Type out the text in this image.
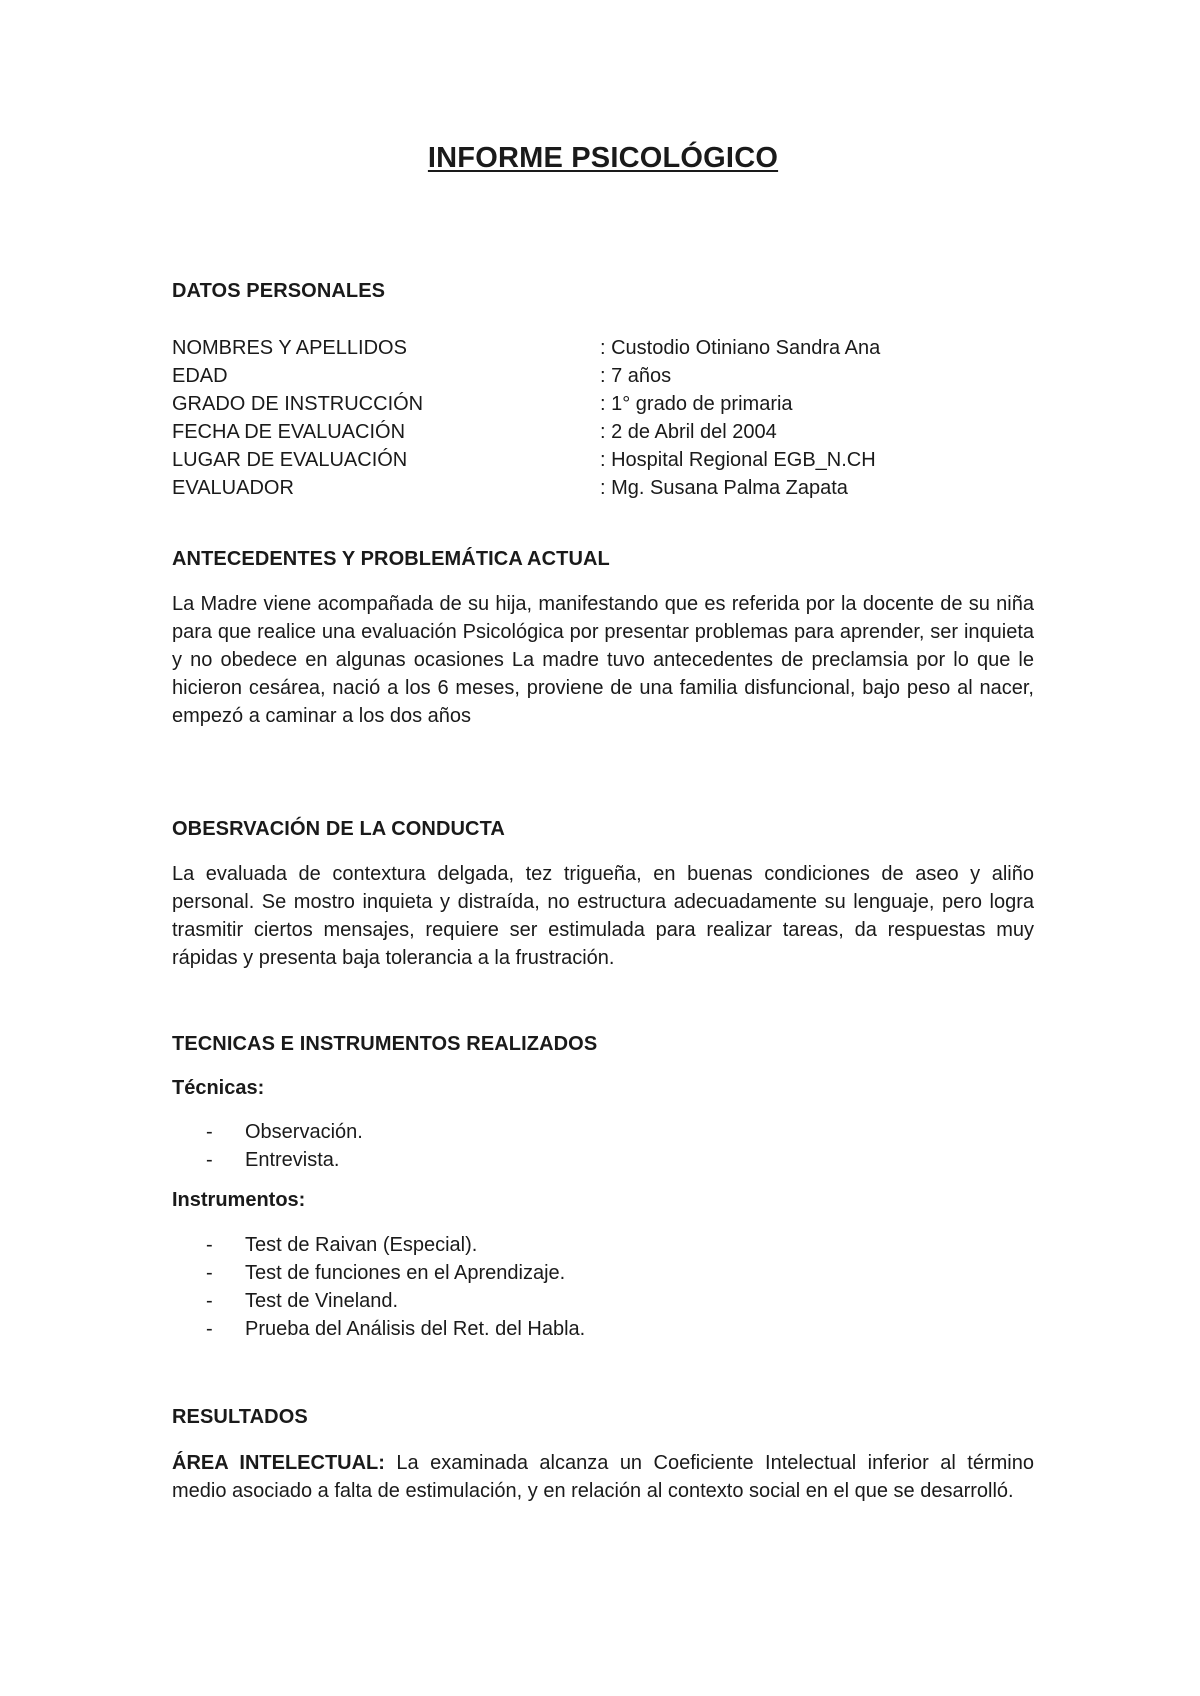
INFORME PSICOLÓGICO
DATOS PERSONALES
NOMBRES Y APELLIDOS	: Custodio Otiniano Sandra Ana
EDAD	: 7 años
GRADO DE INSTRUCCIÓN	: 1° grado de primaria
FECHA DE EVALUACIÓN	: 2 de Abril del 2004
LUGAR DE EVALUACIÓN	: Hospital Regional EGB_N.CH
EVALUADOR	: Mg. Susana Palma Zapata
ANTECEDENTES Y PROBLEMÁTICA ACTUAL

La Madre viene acompañada de su hija, manifestando que es referida por la docente de su niña para que realice una evaluación Psicológica por presentar problemas para aprender, ser inquieta y no obedece en algunas ocasiones La madre tuvo antecedentes de preclamsia por lo que le hicieron cesárea, nació a los 6 meses, proviene de una familia disfuncional, bajo peso al nacer, empezó a caminar a los dos años

OBESRVACIÓN DE LA CONDUCTA

La evaluada de contextura delgada, tez trigueña, en buenas condiciones de aseo y aliño personal. Se mostro inquieta y distraída, no estructura adecuadamente su lenguaje, pero logra trasmitir ciertos mensajes, requiere ser estimulada para realizar tareas, da respuestas muy rápidas y presenta baja tolerancia a la frustración.

TECNICAS E INSTRUMENTOS REALIZADOS
Técnicas:
-	Observación.
-	Entrevista.
Instrumentos:
-	Test de Raivan (Especial).
-	Test de funciones en el Aprendizaje.
-	Test de Vineland.
-	Prueba del Análisis del Ret. del Habla.
RESULTADOS

ÁREA INTELECTUAL: La examinada alcanza un Coeficiente Intelectual inferior al término medio asociado a falta de estimulación, y en relación al contexto social en el que se desarrolló.
